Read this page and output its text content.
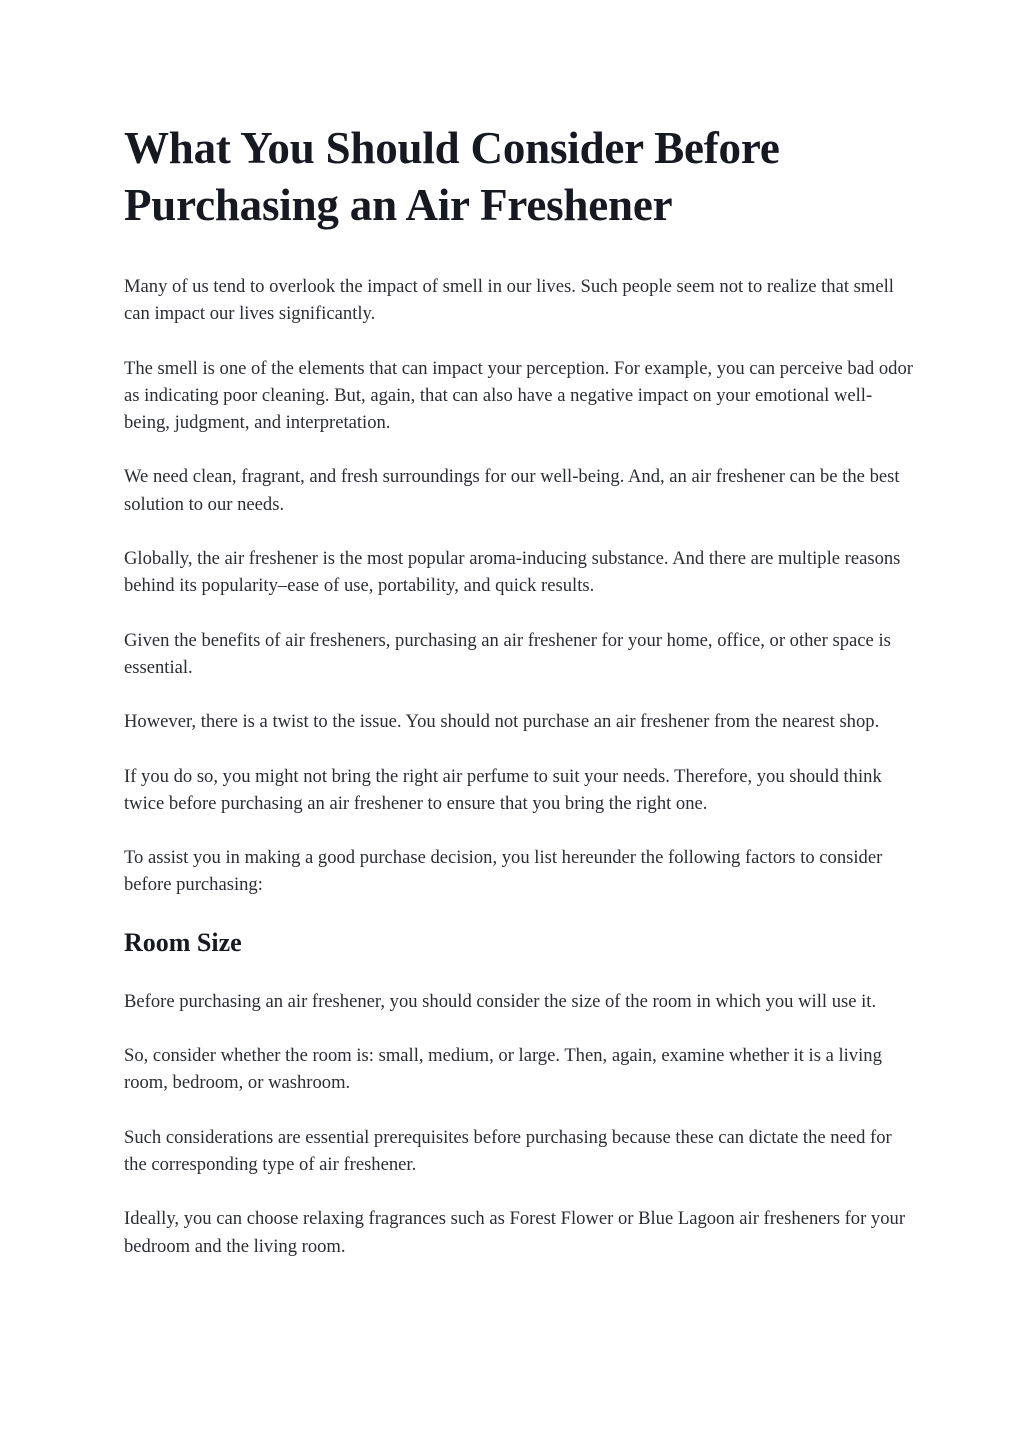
What You Should Consider Before Purchasing an Air Freshener

Many of us tend to overlook the impact of smell in our lives. Such people seem not to realize that smell can impact our lives significantly.

The smell is one of the elements that can impact your perception. For example, you can perceive bad odor as indicating poor cleaning. But, again, that can also have a negative impact on your emotional well-being, judgment, and interpretation.

We need clean, fragrant, and fresh surroundings for our well-being. And, an air freshener can be the best solution to our needs.

Globally, the air freshener is the most popular aroma-inducing substance. And there are multiple reasons behind its popularity–ease of use, portability, and quick results.

Given the benefits of air fresheners, purchasing an air freshener for your home, office, or other space is essential.

However, there is a twist to the issue. You should not purchase an air freshener from the nearest shop.

If you do so, you might not bring the right air perfume to suit your needs. Therefore, you should think twice before purchasing an air freshener to ensure that you bring the right one.

To assist you in making a good purchase decision, you list hereunder the following factors to consider before purchasing:

Room Size

Before purchasing an air freshener, you should consider the size of the room in which you will use it.

So, consider whether the room is: small, medium, or large. Then, again, examine whether it is a living room, bedroom, or washroom.

Such considerations are essential prerequisites before purchasing because these can dictate the need for the corresponding type of air freshener.

Ideally, you can choose relaxing fragrances such as Forest Flower or Blue Lagoon air fresheners for your bedroom and the living room.
